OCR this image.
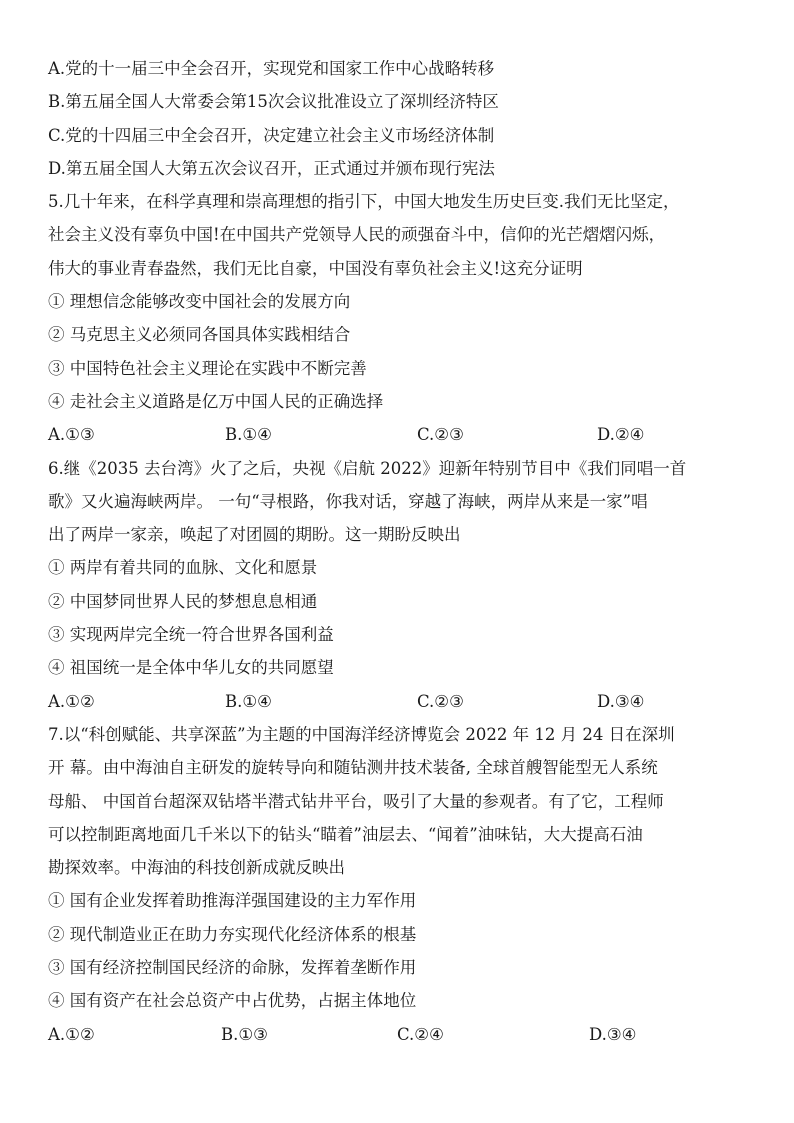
A.党的十一届三中全会召开，实现党和国家工作中心战略转移
B.第五届全国人大常委会第15次会议批准设立了深圳经济特区
C.党的十四届三中全会召开，决定建立社会主义市场经济体制
D.第五届全国人大第五次会议召开，正式通过并颁布现行宪法
5.几十年来，在科学真理和崇高理想的指引下，中国大地发生历史巨变.我们无比坚定，
社会主义没有辜负中国!在中国共产党领导人民的顽强奋斗中，信仰的光芒熠熠闪烁，
伟大的事业青春盎然，我们无比自豪，中国没有辜负社会主义!这充分证明
① 理想信念能够改变中国社会的发展方向
② 马克思主义必须同各国具体实践相结合
③ 中国特色社会主义理论在实践中不断完善
④ 走社会主义道路是亿万中国人民的正确选择
A.①③	B.①④	C.②③	D.②④
6.继《2035 去台湾》火了之后，央视《启航 2022》迎新年特别节目中《我们同唱一首
歌》又火遍海峡两岸。 一句“寻根路，你我对话，穿越了海峡，两岸从来是一家”唱
出了两岸一家亲，唤起了对团圆的期盼。这一期盼反映出
① 两岸有着共同的血脉、文化和愿景
② 中国梦同世界人民的梦想息息相通
③ 实现两岸完全统一符合世界各国利益
④ 祖国统一是全体中华儿女的共同愿望
A.①②	B.①④	C.②③	D.③④
7.以“科创赋能、共享深蓝”为主题的中国海洋经济博览会 2022 年 12 月 24 日在深圳
开 幕。由中海油自主研发的旋转导向和随钻测井技术装备, 全球首艘智能型无人系统
母船、 中国首台超深双钻塔半潜式钻井平台，吸引了大量的参观者。有了它，工程师
可以控制距离地面几千米以下的钻头“瞄着”油层去、“闻着”油味钻，大大提高石油
勘探效率。中海油的科技创新成就反映出
① 国有企业发挥着助推海洋强国建设的主力军作用
② 现代制造业正在助力夯实现代化经济体系的根基
③ 国有经济控制国民经济的命脉，发挥着垄断作用
④ 国有资产在社会总资产中占优势，占据主体地位
A.①②	B.①③	C.②④	D.③④
